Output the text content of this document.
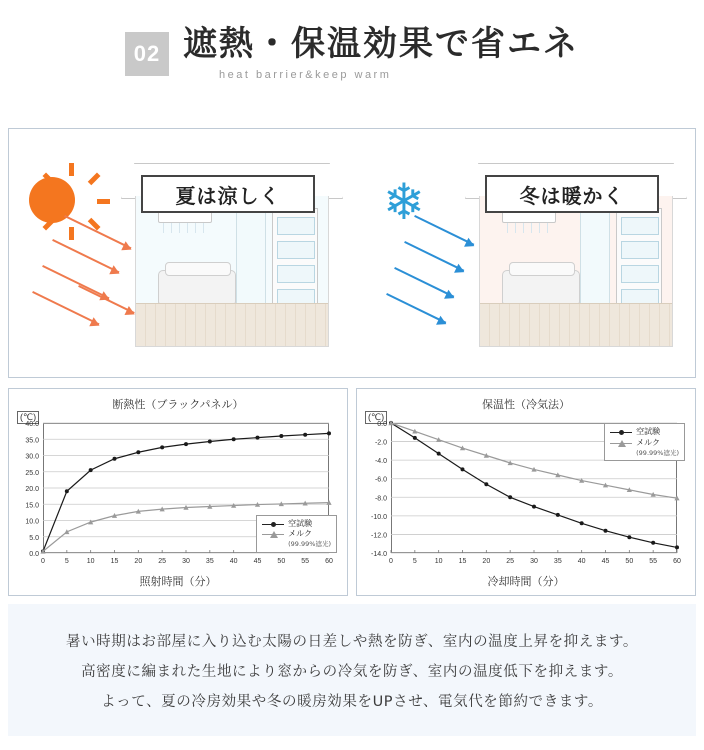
02 遮熱・保温効果で省エネ
heat barrier&keep warm
夏は涼しく	❄	冬は暖かく
断熱性（ブラックパネル）
(℃)
0.0
5.0
10.0
15.0
20.0
25.0
30.0
35.0
40.0
0	5	10 15 20 25 30 35 40 45 50 55 60
空試験
メルク
(99.99%遮光)
照射時間（分）
保温性（冷気法）
(℃)
0.0
-2.0
-4.0
-6.0
-8.0
-10.0
-12.0
-14.0
0	5	10 15 20 25 30 35 40 45 50 55 60
空試験
メルク
(99.99%遮光)
冷却時間（分）

暑い時期はお部屋に入り込む太陽の日差しや熱を防ぎ、室内の温度上昇を抑えます。

高密度に編まれた生地により窓からの冷気を防ぎ、室内の温度低下を抑えます。

よって、夏の冷房効果や冬の暖房効果をUPさせ、電気代を節約できます。
